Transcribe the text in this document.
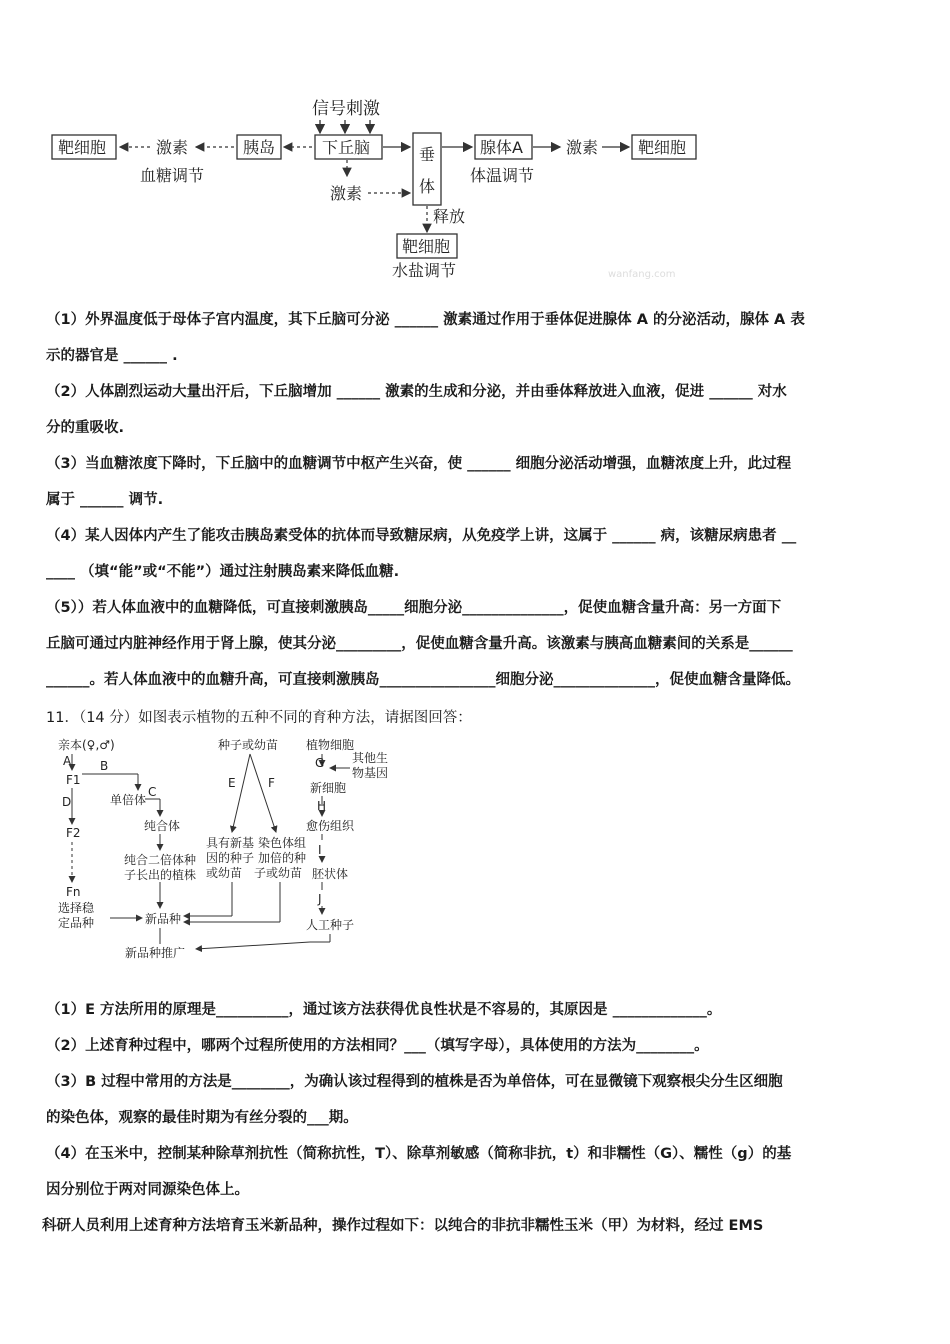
信号刺激
靶细胞	激素
血糖调节
胰岛	下丘脑	垂
体
腺体A
体温调节
激素 靶细胞
激素
释放
靶细胞
水盐调节	wanfang.com
（1）外界温度低于母体子宫内温度，其下丘脑可分泌 ______ 激素通过作用于垂体促进腺体 A 的分泌活动，腺体 A 表
示的器官是 ______ .
（2）人体剧烈运动大量出汗后，下丘脑增加 ______ 激素的生成和分泌，并由垂体释放进入血液，促进 ______ 对水
分的重吸收.
（3）当血糖浓度下降时，下丘脑中的血糖调节中枢产生兴奋，使 ______ 细胞分泌活动增强，血糖浓度上升，此过程
属于 ______ 调节.
（4）某人因体内产生了能攻击胰岛素受体的抗体而导致糖尿病，从免疫学上讲，这属于 ______ 病，该糖尿病患者 __
____ （填“能”或“不能”）通过注射胰岛素来降低血糖.
（5））若人体血液中的血糖降低，可直接刺激胰岛_____细胞分泌______________，促使血糖含量升高：另一方面下
丘脑可通过内脏神经作用于肾上腺，使其分泌_________，促使血糖含量升高。该激素与胰高血糖素间的关系是______
______。若人体血液中的血糖升高，可直接刺激胰岛________________细胞分泌______________，促使血糖含量降低。
11．（14 分）如图表示植物的五种不同的育种方法，请据图回答：
亲本(♀,♂)
A
F1
B
单倍体
C
纯合体
纯合二倍体种
子长出的植株
D
F2
Fn
选择稳
定品种	新品种
新品种推广
种子或幼苗
E	F
具有新基
因的种子
或幼苗
染色体组
加倍的种
子或幼苗
植物细胞
G 其他生
物基因
新细胞
H
愈伤组织
I
胚状体
J
人工种子
（1）E 方法所用的原理是__________，通过该方法获得优良性状是不容易的，其原因是 _____________。
（2）上述育种过程中，哪两个过程所使用的方法相同？___（填写字母），具体使用的方法为________。
（3）B 过程中常用的方法是________，为确认该过程得到的植株是否为单倍体，可在显微镜下观察根尖分生区细胞
的染色体，观察的最佳时期为有丝分裂的___期。
（4）在玉米中，控制某种除草剂抗性（简称抗性，T）、除草剂敏感（简称非抗，t）和非糯性（G）、糯性（g）的基
因分别位于两对同源染色体上。
科研人员利用上述育种方法培育玉米新品种，操作过程如下：以纯合的非抗非糯性玉米（甲）为材料，经过 EMS
